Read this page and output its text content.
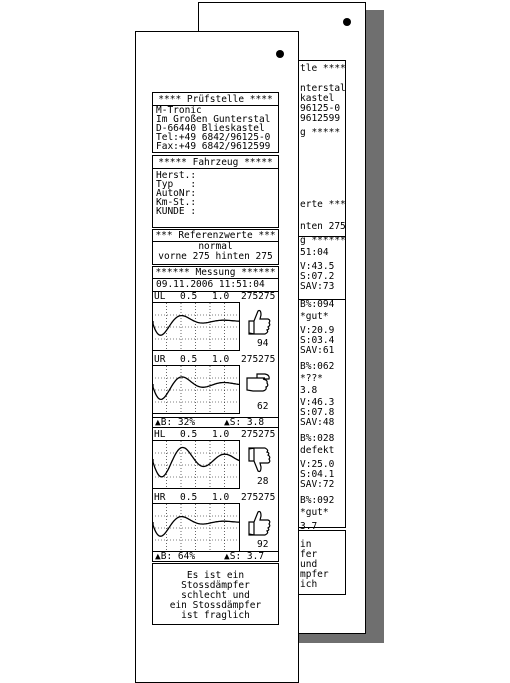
tle ****
nterstal
kastel
96125-0
9612599
g *****
erte ***
nten 275
g ******
51:04
V:43.5
S:07.2
SAV:73
B%:094
*gut*
V:20.9
S:03.4
SAV:61
B%:062
*??*
3.8
V:46.3
S:07.8
SAV:48
B%:028
defekt
V:25.0
S:04.1
SAV:72
B%:092
*gut*
3.7
in
fer
und
mpfer
ich
**** Prüfstelle ****
M-Tronic
Im Großen Gunterstal
D-66440 Blieskastel
Tel:+49 6842/96125-0
Fax:+49 6842/9612599
***** Fahrzeug *****
Herst.:
Typ   :
AutoNr:
Km-St.:
KUNDE :
*** Referenzwerte ***
normal
vorne 275 hinten 275
****** Messung ******
09.11.2006 11:51:04
UL 0.5 1.0 275275
94
UR 0.5 1.0 275275
62
HL 0.5 1.0 275275
28
HR 0.5 1.0 275275
92
▲B: 32%	▲S: 3.8
▲B: 64%	▲S: 3.7
Es ist ein
Stossdämpfer
schlecht und
ein Stossdämpfer
ist fraglich
